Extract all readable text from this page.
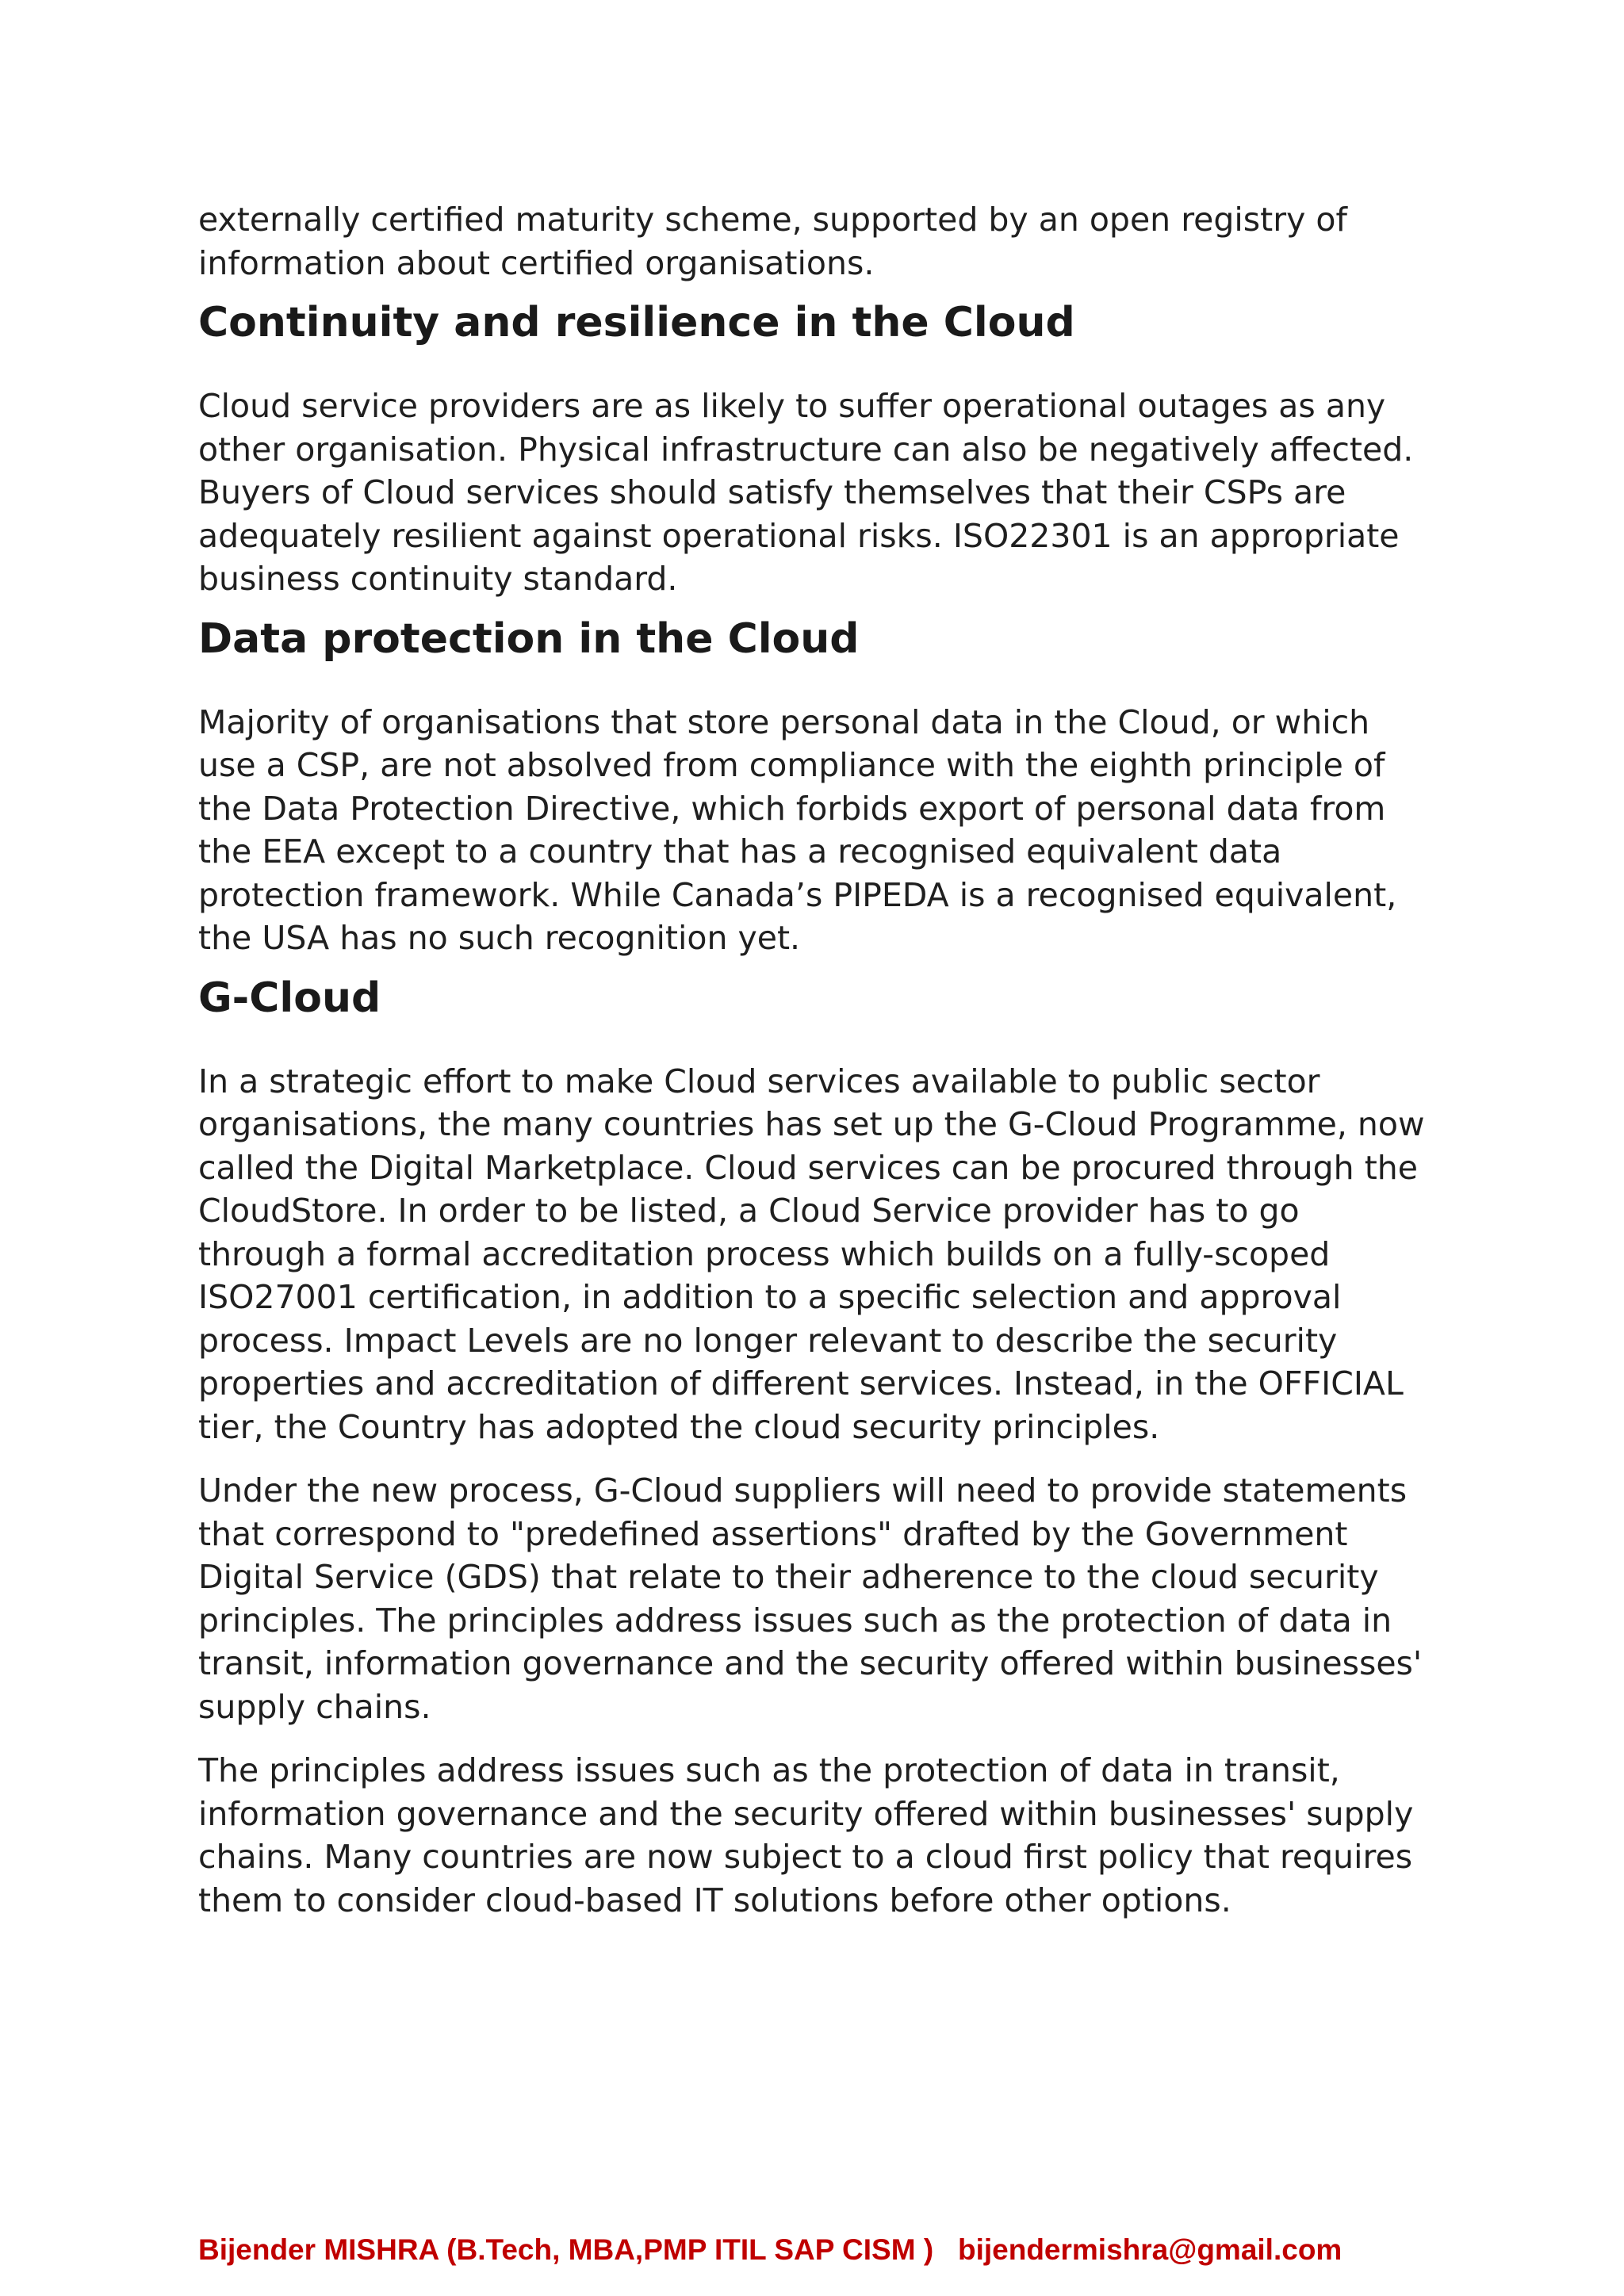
externally certified maturity scheme, supported by an open registry of information about certified organisations.

Continuity and resilience in the Cloud

Cloud service providers are as likely to suffer operational outages as any other organisation. Physical infrastructure can also be negatively affected. Buyers of Cloud services should satisfy themselves that their CSPs are adequately resilient against operational risks. ISO22301 is an appropriate business continuity standard.

Data protection in the Cloud

Majority of organisations that store personal data in the Cloud, or which use a CSP, are not absolved from compliance with the eighth principle of the Data Protection Directive, which forbids export of personal data from the EEA except to a country that has a recognised equivalent data protection framework. While Canada’s PIPEDA is a recognised equivalent, the USA has no such recognition yet.

G-Cloud

In a strategic effort to make Cloud services available to public sector organisations, the many countries has set up the G-Cloud Programme, now called the Digital Marketplace. Cloud services can be procured through the CloudStore. In order to be listed, a Cloud Service provider has to go through a formal accreditation process which builds on a fully-scoped ISO27001 certification, in addition to a specific selection and approval process. Impact Levels are no longer relevant to describe the security properties and accreditation of different services. Instead, in the OFFICIAL tier, the Country has adopted the cloud security principles.

Under the new process, G-Cloud suppliers will need to provide statements that correspond to "predefined assertions" drafted by the Government Digital Service (GDS) that relate to their adherence to the cloud security principles. The principles address issues such as the protection of data in transit, information governance and the security offered within businesses' supply chains.

The principles address issues such as the protection of data in transit, information governance and the security offered within businesses' supply chains. Many countries are now subject to a cloud first policy that requires them to consider cloud-based IT solutions before other options.

Bijender MISHRA (B.Tech, MBA,PMP ITIL SAP CISM )   bijendermishra@gmail.com
